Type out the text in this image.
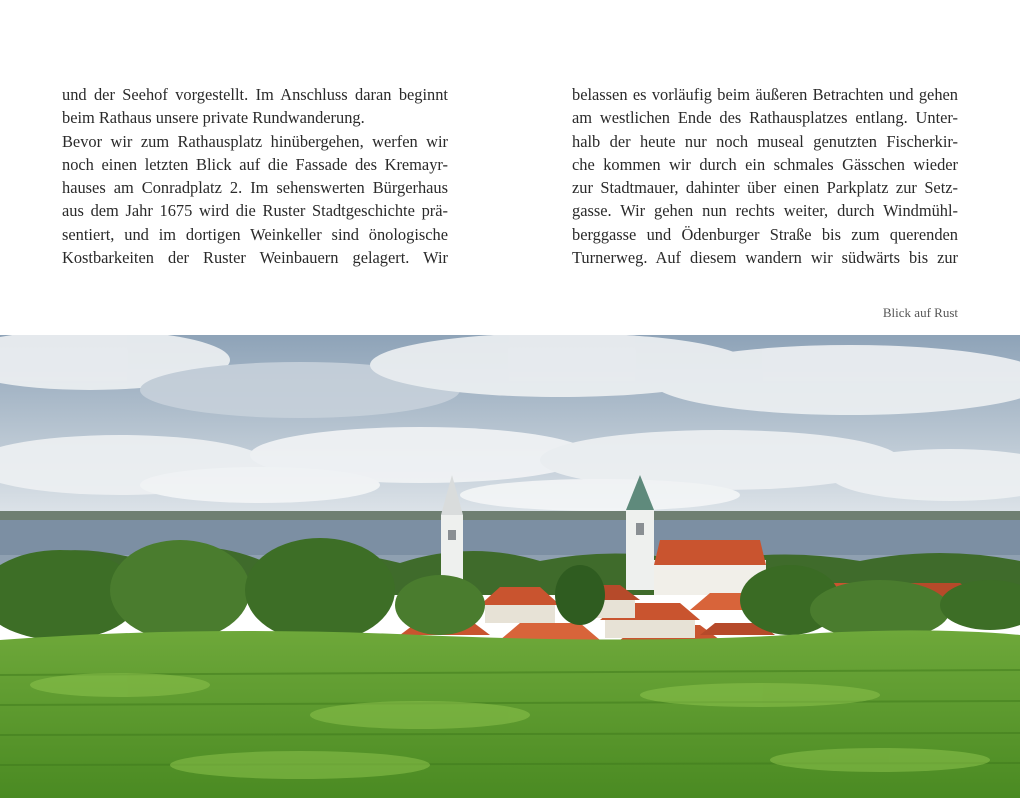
und der Seehof vorgestellt. Im Anschluss daran beginnt
beim Rathaus unsere private Rundwanderung.
Bevor wir zum Rathausplatz hinübergehen, werfen wir
noch einen letzten Blick auf die Fassade des Kremayr-
hauses am Conradplatz 2. Im sehenswerten Bürgerhaus
aus dem Jahr 1675 wird die Ruster Stadtgeschichte prä-
sentiert, und im dortigen Weinkeller sind önologische
Kostbarkeiten der Ruster Weinbauern gelagert. Wir
belassen es vorläufig beim äußeren Betrachten und gehen
am westlichen Ende des Rathausplatzes entlang. Unter-
halb der heute nur noch museal genutzten Fischerkir-
che kommen wir durch ein schmales Gässchen wieder
zur Stadtmauer, dahinter über einen Parkplatz zur Setz-
gasse. Wir gehen nun rechts weiter, durch Windmühl-
berggasse und Ödenburger Straße bis zum querenden
Turnerweg. Auf diesem wandern wir südwärts bis zur
Blick auf Rust
